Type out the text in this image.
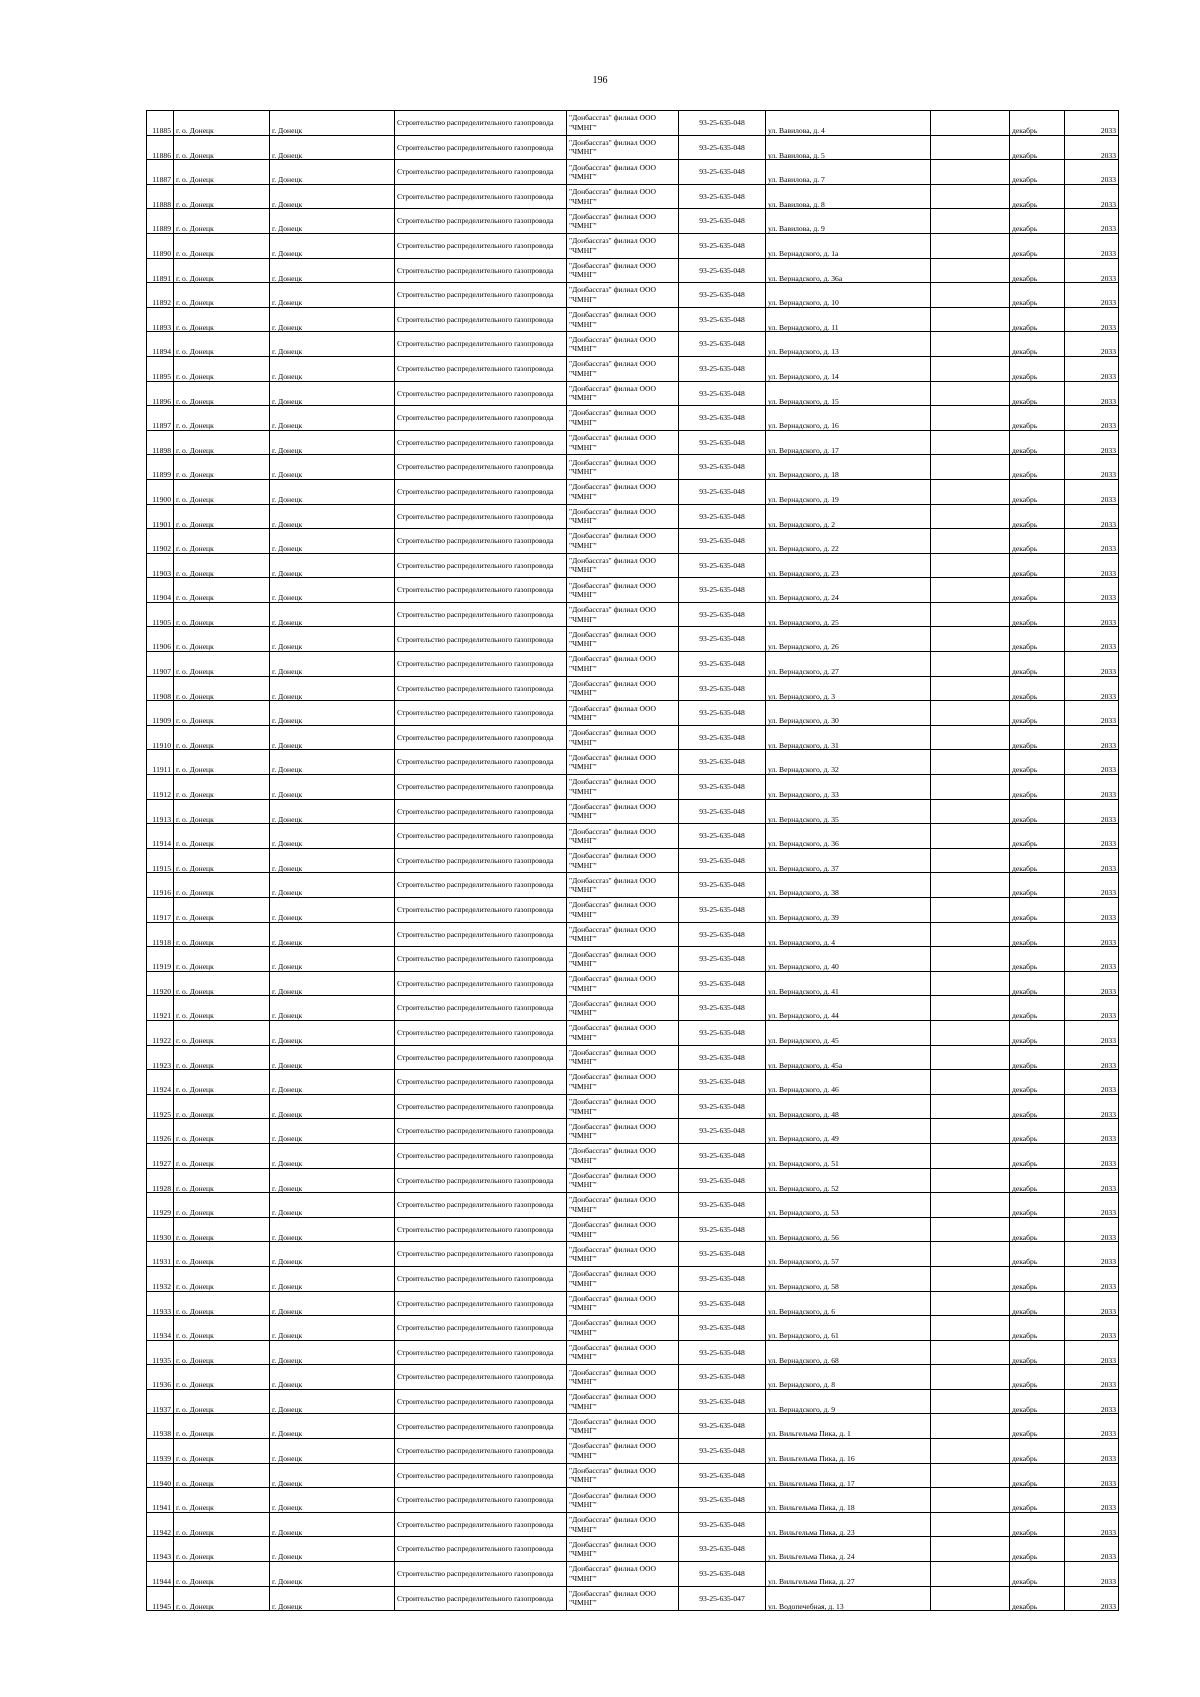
196
11885	г. о. Донецк	г. Донецк	Строительство распределительного газопровода	"Донбассгаз" филиал ООО "ЧМНГ"	93-25-635-048	ул. Вавилова, д. 4		декабрь	2033
11886	г. о. Донецк	г. Донецк	Строительство распределительного газопровода	"Донбассгаз" филиал ООО "ЧМНГ"	93-25-635-048	ул. Вавилова, д. 5		декабрь	2033
11887	г. о. Донецк	г. Донецк	Строительство распределительного газопровода	"Донбассгаз" филиал ООО "ЧМНГ"	93-25-635-048	ул. Вавилова, д. 7		декабрь	2033
11888	г. о. Донецк	г. Донецк	Строительство распределительного газопровода	"Донбассгаз" филиал ООО "ЧМНГ"	93-25-635-048	ул. Вавилова, д. 8		декабрь	2033
11889	г. о. Донецк	г. Донецк	Строительство распределительного газопровода	"Донбассгаз" филиал ООО "ЧМНГ"	93-25-635-048	ул. Вавилова, д. 9		декабрь	2033
11890	г. о. Донецк	г. Донецк	Строительство распределительного газопровода	"Донбассгаз" филиал ООО "ЧМНГ"	93-25-635-048	ул. Вернадского, д. 1а		декабрь	2033
11891	г. о. Донецк	г. Донецк	Строительство распределительного газопровода	"Донбассгаз" филиал ООО "ЧМНГ"	93-25-635-048	ул. Вернадского, д. 36а		декабрь	2033
11892	г. о. Донецк	г. Донецк	Строительство распределительного газопровода	"Донбассгаз" филиал ООО "ЧМНГ"	93-25-635-048	ул. Вернадского, д. 10		декабрь	2033
11893	г. о. Донецк	г. Донецк	Строительство распределительного газопровода	"Донбассгаз" филиал ООО "ЧМНГ"	93-25-635-048	ул. Вернадского, д. 11		декабрь	2033
11894	г. о. Донецк	г. Донецк	Строительство распределительного газопровода	"Донбассгаз" филиал ООО "ЧМНГ"	93-25-635-048	ул. Вернадского, д. 13		декабрь	2033
11895	г. о. Донецк	г. Донецк	Строительство распределительного газопровода	"Донбассгаз" филиал ООО "ЧМНГ"	93-25-635-048	ул. Вернадского, д. 14		декабрь	2033
11896	г. о. Донецк	г. Донецк	Строительство распределительного газопровода	"Донбассгаз" филиал ООО "ЧМНГ"	93-25-635-048	ул. Вернадского, д. 15		декабрь	2033
11897	г. о. Донецк	г. Донецк	Строительство распределительного газопровода	"Донбассгаз" филиал ООО "ЧМНГ"	93-25-635-048	ул. Вернадского, д. 16		декабрь	2033
11898	г. о. Донецк	г. Донецк	Строительство распределительного газопровода	"Донбассгаз" филиал ООО "ЧМНГ"	93-25-635-048	ул. Вернадского, д. 17		декабрь	2033
11899	г. о. Донецк	г. Донецк	Строительство распределительного газопровода	"Донбассгаз" филиал ООО "ЧМНГ"	93-25-635-048	ул. Вернадского, д. 18		декабрь	2033
11900	г. о. Донецк	г. Донецк	Строительство распределительного газопровода	"Донбассгаз" филиал ООО "ЧМНГ"	93-25-635-048	ул. Вернадского, д. 19		декабрь	2033
11901	г. о. Донецк	г. Донецк	Строительство распределительного газопровода	"Донбассгаз" филиал ООО "ЧМНГ"	93-25-635-048	ул. Вернадского, д. 2		декабрь	2033
11902	г. о. Донецк	г. Донецк	Строительство распределительного газопровода	"Донбассгаз" филиал ООО "ЧМНГ"	93-25-635-048	ул. Вернадского, д. 22		декабрь	2033
11903	г. о. Донецк	г. Донецк	Строительство распределительного газопровода	"Донбассгаз" филиал ООО "ЧМНГ"	93-25-635-048	ул. Вернадского, д. 23		декабрь	2033
11904	г. о. Донецк	г. Донецк	Строительство распределительного газопровода	"Донбассгаз" филиал ООО "ЧМНГ"	93-25-635-048	ул. Вернадского, д. 24		декабрь	2033
11905	г. о. Донецк	г. Донецк	Строительство распределительного газопровода	"Донбассгаз" филиал ООО "ЧМНГ"	93-25-635-048	ул. Вернадского, д. 25		декабрь	2033
11906	г. о. Донецк	г. Донецк	Строительство распределительного газопровода	"Донбассгаз" филиал ООО "ЧМНГ"	93-25-635-048	ул. Вернадского, д. 26		декабрь	2033
11907	г. о. Донецк	г. Донецк	Строительство распределительного газопровода	"Донбассгаз" филиал ООО "ЧМНГ"	93-25-635-048	ул. Вернадского, д. 27		декабрь	2033
11908	г. о. Донецк	г. Донецк	Строительство распределительного газопровода	"Донбассгаз" филиал ООО "ЧМНГ"	93-25-635-048	ул. Вернадского, д. 3		декабрь	2033
11909	г. о. Донецк	г. Донецк	Строительство распределительного газопровода	"Донбассгаз" филиал ООО "ЧМНГ"	93-25-635-048	ул. Вернадского, д. 30		декабрь	2033
11910	г. о. Донецк	г. Донецк	Строительство распределительного газопровода	"Донбассгаз" филиал ООО "ЧМНГ"	93-25-635-048	ул. Вернадского, д. 31		декабрь	2033
11911	г. о. Донецк	г. Донецк	Строительство распределительного газопровода	"Донбассгаз" филиал ООО "ЧМНГ"	93-25-635-048	ул. Вернадского, д. 32		декабрь	2033
11912	г. о. Донецк	г. Донецк	Строительство распределительного газопровода	"Донбассгаз" филиал ООО "ЧМНГ"	93-25-635-048	ул. Вернадского, д. 33		декабрь	2033
11913	г. о. Донецк	г. Донецк	Строительство распределительного газопровода	"Донбассгаз" филиал ООО "ЧМНГ"	93-25-635-048	ул. Вернадского, д. 35		декабрь	2033
11914	г. о. Донецк	г. Донецк	Строительство распределительного газопровода	"Донбассгаз" филиал ООО "ЧМНГ"	93-25-635-048	ул. Вернадского, д. 36		декабрь	2033
11915	г. о. Донецк	г. Донецк	Строительство распределительного газопровода	"Донбассгаз" филиал ООО "ЧМНГ"	93-25-635-048	ул. Вернадского, д. 37		декабрь	2033
11916	г. о. Донецк	г. Донецк	Строительство распределительного газопровода	"Донбассгаз" филиал ООО "ЧМНГ"	93-25-635-048	ул. Вернадского, д. 38		декабрь	2033
11917	г. о. Донецк	г. Донецк	Строительство распределительного газопровода	"Донбассгаз" филиал ООО "ЧМНГ"	93-25-635-048	ул. Вернадского, д. 39		декабрь	2033
11918	г. о. Донецк	г. Донецк	Строительство распределительного газопровода	"Донбассгаз" филиал ООО "ЧМНГ"	93-25-635-048	ул. Вернадского, д. 4		декабрь	2033
11919	г. о. Донецк	г. Донецк	Строительство распределительного газопровода	"Донбассгаз" филиал ООО "ЧМНГ"	93-25-635-048	ул. Вернадского, д. 40		декабрь	2033
11920	г. о. Донецк	г. Донецк	Строительство распределительного газопровода	"Донбассгаз" филиал ООО "ЧМНГ"	93-25-635-048	ул. Вернадского, д. 41		декабрь	2033
11921	г. о. Донецк	г. Донецк	Строительство распределительного газопровода	"Донбассгаз" филиал ООО "ЧМНГ"	93-25-635-048	ул. Вернадского, д. 44		декабрь	2033
11922	г. о. Донецк	г. Донецк	Строительство распределительного газопровода	"Донбассгаз" филиал ООО "ЧМНГ"	93-25-635-048	ул. Вернадского, д. 45		декабрь	2033
11923	г. о. Донецк	г. Донецк	Строительство распределительного газопровода	"Донбассгаз" филиал ООО "ЧМНГ"	93-25-635-048	ул. Вернадского, д. 45а		декабрь	2033
11924	г. о. Донецк	г. Донецк	Строительство распределительного газопровода	"Донбассгаз" филиал ООО "ЧМНГ"	93-25-635-048	ул. Вернадского, д. 46		декабрь	2033
11925	г. о. Донецк	г. Донецк	Строительство распределительного газопровода	"Донбассгаз" филиал ООО "ЧМНГ"	93-25-635-048	ул. Вернадского, д. 48		декабрь	2033
11926	г. о. Донецк	г. Донецк	Строительство распределительного газопровода	"Донбассгаз" филиал ООО "ЧМНГ"	93-25-635-048	ул. Вернадского, д. 49		декабрь	2033
11927	г. о. Донецк	г. Донецк	Строительство распределительного газопровода	"Донбассгаз" филиал ООО "ЧМНГ"	93-25-635-048	ул. Вернадского, д. 51		декабрь	2033
11928	г. о. Донецк	г. Донецк	Строительство распределительного газопровода	"Донбассгаз" филиал ООО "ЧМНГ"	93-25-635-048	ул. Вернадского, д. 52		декабрь	2033
11929	г. о. Донецк	г. Донецк	Строительство распределительного газопровода	"Донбассгаз" филиал ООО "ЧМНГ"	93-25-635-048	ул. Вернадского, д. 53		декабрь	2033
11930	г. о. Донецк	г. Донецк	Строительство распределительного газопровода	"Донбассгаз" филиал ООО "ЧМНГ"	93-25-635-048	ул. Вернадского, д. 56		декабрь	2033
11931	г. о. Донецк	г. Донецк	Строительство распределительного газопровода	"Донбассгаз" филиал ООО "ЧМНГ"	93-25-635-048	ул. Вернадского, д. 57		декабрь	2033
11932	г. о. Донецк	г. Донецк	Строительство распределительного газопровода	"Донбассгаз" филиал ООО "ЧМНГ"	93-25-635-048	ул. Вернадского, д. 58		декабрь	2033
11933	г. о. Донецк	г. Донецк	Строительство распределительного газопровода	"Донбассгаз" филиал ООО "ЧМНГ"	93-25-635-048	ул. Вернадского, д. 6		декабрь	2033
11934	г. о. Донецк	г. Донецк	Строительство распределительного газопровода	"Донбассгаз" филиал ООО "ЧМНГ"	93-25-635-048	ул. Вернадского, д. 61		декабрь	2033
11935	г. о. Донецк	г. Донецк	Строительство распределительного газопровода	"Донбассгаз" филиал ООО "ЧМНГ"	93-25-635-048	ул. Вернадского, д. 68		декабрь	2033
11936	г. о. Донецк	г. Донецк	Строительство распределительного газопровода	"Донбассгаз" филиал ООО "ЧМНГ"	93-25-635-048	ул. Вернадского, д. 8		декабрь	2033
11937	г. о. Донецк	г. Донецк	Строительство распределительного газопровода	"Донбассгаз" филиал ООО "ЧМНГ"	93-25-635-048	ул. Вернадского, д. 9		декабрь	2033
11938	г. о. Донецк	г. Донецк	Строительство распределительного газопровода	"Донбассгаз" филиал ООО "ЧМНГ"	93-25-635-048	ул. Вильгельма Пика, д. 1		декабрь	2033
11939	г. о. Донецк	г. Донецк	Строительство распределительного газопровода	"Донбассгаз" филиал ООО "ЧМНГ"	93-25-635-048	ул. Вильгельма Пика, д. 16		декабрь	2033
11940	г. о. Донецк	г. Донецк	Строительство распределительного газопровода	"Донбассгаз" филиал ООО "ЧМНГ"	93-25-635-048	ул. Вильгельма Пика, д. 17		декабрь	2033
11941	г. о. Донецк	г. Донецк	Строительство распределительного газопровода	"Донбассгаз" филиал ООО "ЧМНГ"	93-25-635-048	ул. Вильгельма Пика, д. 18		декабрь	2033
11942	г. о. Донецк	г. Донецк	Строительство распределительного газопровода	"Донбассгаз" филиал ООО "ЧМНГ"	93-25-635-048	ул. Вильгельма Пика, д. 23		декабрь	2033
11943	г. о. Донецк	г. Донецк	Строительство распределительного газопровода	"Донбассгаз" филиал ООО "ЧМНГ"	93-25-635-048	ул. Вильгельма Пика, д. 24		декабрь	2033
11944	г. о. Донецк	г. Донецк	Строительство распределительного газопровода	"Донбассгаз" филиал ООО "ЧМНГ"	93-25-635-048	ул. Вильгельма Пика, д. 27		декабрь	2033
11945	г. о. Донецк	г. Донецк	Строительство распределительного газопровода	"Донбассгаз" филиал ООО "ЧМНГ"	93-25-635-047	ул. Водопечебная, д. 13		декабрь	2033
